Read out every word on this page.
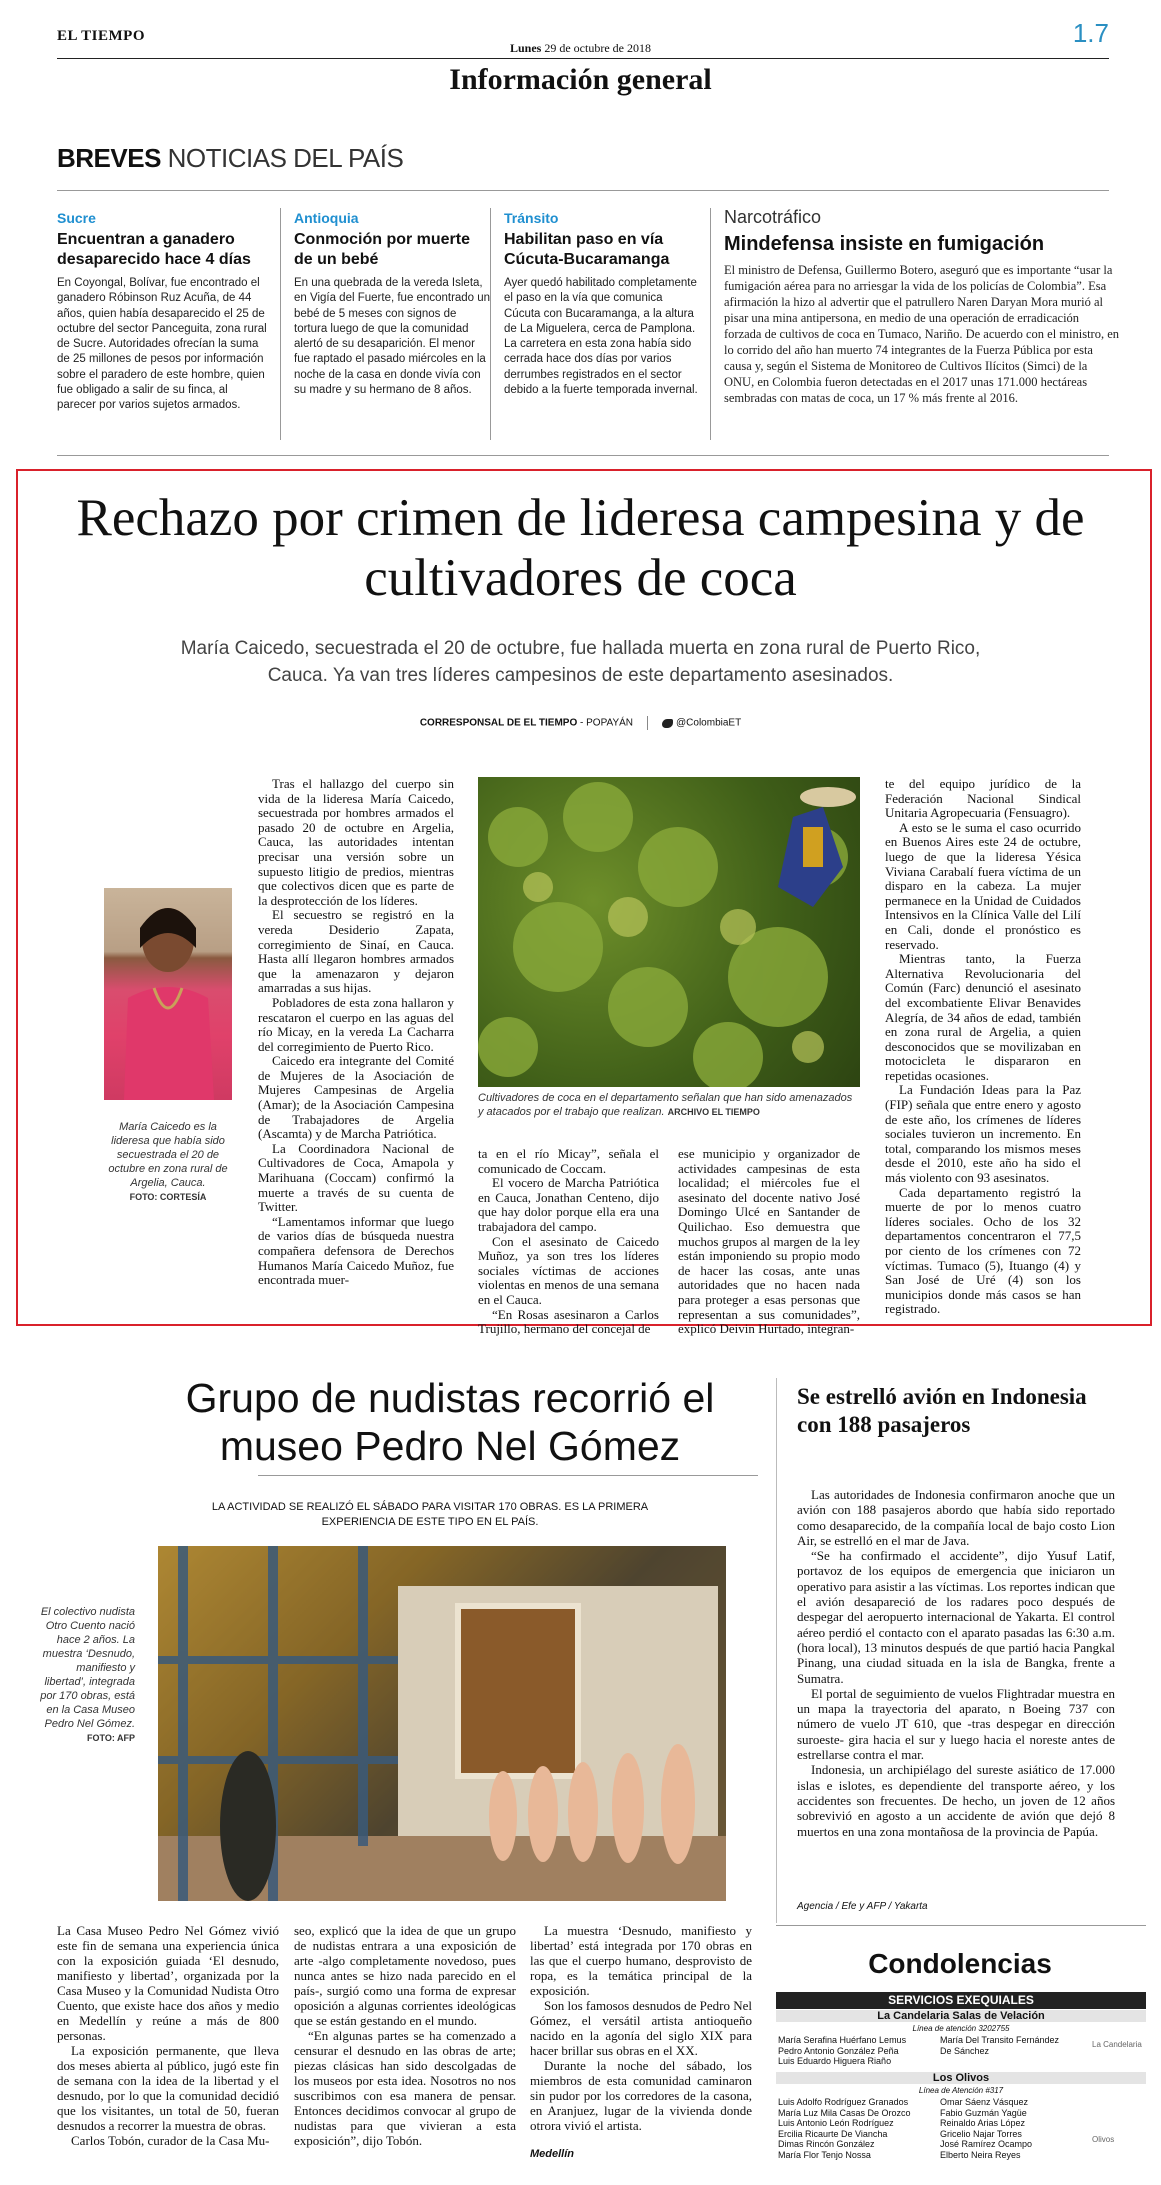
EL TIEMPO
Lunes 29 de octubre de 2018	1.7
Información general
BREVES NOTICIAS DEL PAÍS
Sucre
Encuentran a ganadero desaparecido hace 4 días
En Coyongal, Bolívar, fue encontrado el ganadero Róbinson Ruz Acuña, de 44 años, quien había desaparecido el 25 de octubre del sector Panceguita, zona rural de Sucre. Autoridades ofrecían la suma de 25 millones de pesos por información sobre el paradero de este hombre, quien fue obligado a salir de su finca, al parecer por varios sujetos armados.
Antioquia
Conmoción por muerte de un bebé
En una quebrada de la vereda Isleta, en Vigía del Fuerte, fue encontrado un bebé de 5 meses con signos de tortura luego de que la comunidad alertó de su desaparición. El menor fue raptado el pasado miércoles en la noche de la casa en donde vivía con su madre y su hermano de 8 años.
Tránsito
Habilitan paso en vía Cúcuta-Bucaramanga
Ayer quedó habilitado completamente el paso en la vía que comunica Cúcuta con Bucaramanga, a la altura de La Miguelera, cerca de Pamplona. La carretera en esta zona había sido cerrada hace dos días por varios derrumbes registrados en el sector debido a la fuerte temporada invernal.
Narcotráfico
Mindefensa insiste en fumigación
El ministro de Defensa, Guillermo Botero, aseguró que es importante “usar la fumigación aérea para no arriesgar la vida de los policías de Colombia”. Esa afirmación la hizo al advertir que el patrullero Naren Daryan Mora murió al pisar una mina antipersona, en medio de una operación de erradicación forzada de cultivos de coca en Tumaco, Nariño. De acuerdo con el ministro, en lo corrido del año han muerto 74 integrantes de la Fuerza Pública por esta causa y, según el Sistema de Monitoreo de Cultivos Ilícitos (Simci) de la ONU, en Colombia fueron detectadas en el 2017 unas 171.000 hectáreas sembradas con matas de coca, un 17 % más frente al 2016.
Rechazo por crimen de lideresa campesina y de cultivadores de coca
María Caicedo, secuestrada el 20 de octubre, fue hallada muerta en zona rural de Puerto Rico, Cauca. Ya van tres líderes campesinos de este departamento asesinados.
CORRESPONSAL DE EL TIEMPO - POPAYÁN	@ColombiaET
María Caicedo es la lideresa que había sido secuestrada el 20 de octubre en zona rural de Argelia, Cauca.
FOTO: CORTESÍA

Tras el hallazgo del cuerpo sin vida de la lideresa María Caicedo, secuestrada por hombres armados el pasado 20 de octubre en Argelia, Cauca, las autoridades intentan precisar una versión sobre un supuesto litigio de predios, mientras que colectivos dicen que es parte de la desprotección de los líderes.

El secuestro se registró en la vereda Desiderio Zapata, corregimiento de Sinaí, en Cauca. Hasta allí llegaron hombres armados que la amenazaron y dejaron amarradas a sus hijas.

Pobladores de esta zona hallaron y rescataron el cuerpo en las aguas del río Micay, en la vereda La Cacharra del corregimiento de Puerto Rico.

Caicedo era integrante del Comité de Mujeres de la Asociación de Mujeres Campesinas de Argelia (Amar); de la Asociación Campesina de Trabajadores de Argelia (Ascamta) y de Marcha Patriótica.

La Coordinadora Nacional de Cultivadores de Coca, Amapola y Marihuana (Coccam) confirmó la muerte a través de su cuenta de Twitter.

“Lamentamos informar que luego de varios días de búsqueda nuestra compañera defensora de Derechos Humanos María Caicedo Muñoz, fue encontrada muer-

Cultivadores de coca en el departamento señalan que han sido amenazados y atacados por el trabajo que realizan. ARCHIVO EL TIEMPO

ta en el río Micay”, señala el comunicado de Coccam.

El vocero de Marcha Patriótica en Cauca, Jonathan Centeno, dijo que hay dolor porque ella era una trabajadora del campo.

Con el asesinato de Caicedo Muñoz, ya son tres los líderes sociales víctimas de acciones violentas en menos de una semana en el Cauca.

“En Rosas asesinaron a Carlos Trujillo, hermano del concejal de

ese municipio y organizador de actividades campesinas de esta localidad; el miércoles fue el asesinato del docente nativo José Domingo Ulcé en Santander de Quilichao. Eso demuestra que muchos grupos al margen de la ley están imponiendo su propio modo de hacer las cosas, ante unas autoridades que no hacen nada para proteger a esas personas que representan a sus comunidades”, explicó Deivin Hurtado, integran-

te del equipo jurídico de la Federación Nacional Sindical Unitaria Agropecuaria (Fensuagro).

A esto se le suma el caso ocurrido en Buenos Aires este 24 de octubre, luego de que la lideresa Yésica Viviana Carabalí fuera víctima de un disparo en la cabeza. La mujer permanece en la Unidad de Cuidados Intensivos en la Clínica Valle del Lilí en Cali, donde el pronóstico es reservado.

Mientras tanto, la Fuerza Alternativa Revolucionaria del Común (Farc) denunció el asesinato del excombatiente Elivar Benavides Alegría, de 34 años de edad, también en zona rural de Argelia, a quien desconocidos que se movilizaban en motocicleta le dispararon en repetidas ocasiones.

La Fundación Ideas para la Paz (FIP) señala que entre enero y agosto de este año, los crímenes de líderes sociales tuvieron un incremento. En total, comparando los mismos meses desde el 2010, este año ha sido el más violento con 93 asesinatos.

Cada departamento registró la muerte de por lo menos cuatro líderes sociales. Ocho de los 32 departamentos concentraron el 77,5 por ciento de los crímenes con 72 víctimas. Tumaco (5), Ituango (4) y San José de Uré (4) son los municipios donde más casos se han registrado.

Grupo de nudistas recorrió el museo Pedro Nel Gómez
LA ACTIVIDAD SE REALIZÓ EL SÁBADO PARA VISITAR 170 OBRAS. ES LA PRIMERA EXPERIENCIA DE ESTE TIPO EN EL PAÍS.
El colectivo nudista Otro Cuento nació hace 2 años. La muestra ‘Desnudo, manifiesto y libertad’, integrada por 170 obras, está en la Casa Museo Pedro Nel Gómez.
FOTO: AFP

La Casa Museo Pedro Nel Gómez vivió este fin de semana una experiencia única con la exposición guiada ‘El desnudo, manifiesto y libertad’, organizada por la Casa Museo y la Comunidad Nudista Otro Cuento, que existe hace dos años y medio en Medellín y reúne a más de 800 personas.

La exposición permanente, que lleva dos meses abierta al público, jugó este fin de semana con la idea de la libertad y el desnudo, por lo que la comunidad decidió que los visitantes, un total de 50, fueran desnudos a recorrer la muestra de obras.

Carlos Tobón, curador de la Casa Mu-

seo, explicó que la idea de que un grupo de nudistas entrara a una exposición de arte -algo completamente novedoso, pues nunca antes se hizo nada parecido en el país-, surgió como una forma de expresar oposición a algunas corrientes ideológicas que se están gestando en el mundo.

“En algunas partes se ha comenzado a censurar el desnudo en las obras de arte; piezas clásicas han sido descolgadas de los museos por esta idea. Nosotros no nos suscribimos con esa manera de pensar. Entonces decidimos convocar al grupo de nudistas para que vivieran a esta exposición”, dijo Tobón.

La muestra ‘Desnudo, manifiesto y libertad’ está integrada por 170 obras en las que el cuerpo humano, desprovisto de ropa, es la temática principal de la exposición.

Son los famosos desnudos de Pedro Nel Gómez, el versátil artista antioqueño nacido en la agonía del siglo XIX para hacer brillar sus obras en el XX.

Durante la noche del sábado, los miembros de esta comunidad caminaron sin pudor por los corredores de la casona, en Aranjuez, lugar de la vivienda donde otrora vivió el artista.

Medellín
Se estrelló avión en Indonesia con 188 pasajeros

Las autoridades de Indonesia confirmaron anoche que un avión con 188 pasajeros abordo que había sido reportado como desaparecido, de la compañía local de bajo costo Lion Air, se estrelló en el mar de Java.

“Se ha confirmado el accidente”, dijo Yusuf Latif, portavoz de los equipos de emergencia que iniciaron un operativo para asistir a las víctimas. Los reportes indican que el avión desapareció de los radares poco después de despegar del aeropuerto internacional de Yakarta. El control aéreo perdió el contacto con el aparato pasadas las 6:30 a.m. (hora local), 13 minutos después de que partió hacia Pangkal Pinang, una ciudad situada en la isla de Bangka, frente a Sumatra.

El portal de seguimiento de vuelos Flightradar muestra en un mapa la trayectoria del aparato, n Boeing 737 con número de vuelo JT 610, que -tras despegar en dirección suroeste- gira hacia el sur y luego hacia el noreste antes de estrellarse contra el mar.

Indonesia, un archipiélago del sureste asiático de 17.000 islas e islotes, es dependiente del transporte aéreo, y los accidentes son frecuentes. De hecho, un joven de 12 años sobrevivió en agosto a un accidente de avión que dejó 8 muertos en una zona montañosa de la provincia de Papúa.

Agencia / Efe y AFP / Yakarta
Condolencias
SERVICIOS EXEQUIALES
La Candelaria Salas de Velación
Línea de atención 3202755
María Serafina Huérfano Lemus
Pedro Antonio González Peña
Luis Eduardo Higuera Riaño
María Del Transito Fernández
De Sánchez
La Candelaria
Los Olivos
Línea de Atención #317
Luis Adolfo Rodríguez Granados
María Luz Mila Casas De Orozco
Luis Antonio León Rodríguez
Ercilia Ricaurte De Viancha
Dimas Rincón González
María Flor Tenjo Nossa
Omar Sáenz Vásquez
Fabio Guzmán Yagüe
Reinaldo Arias López
Gricelio Najar Torres
José Ramírez Ocampo
Elberto Neira Reyes
Olivos
